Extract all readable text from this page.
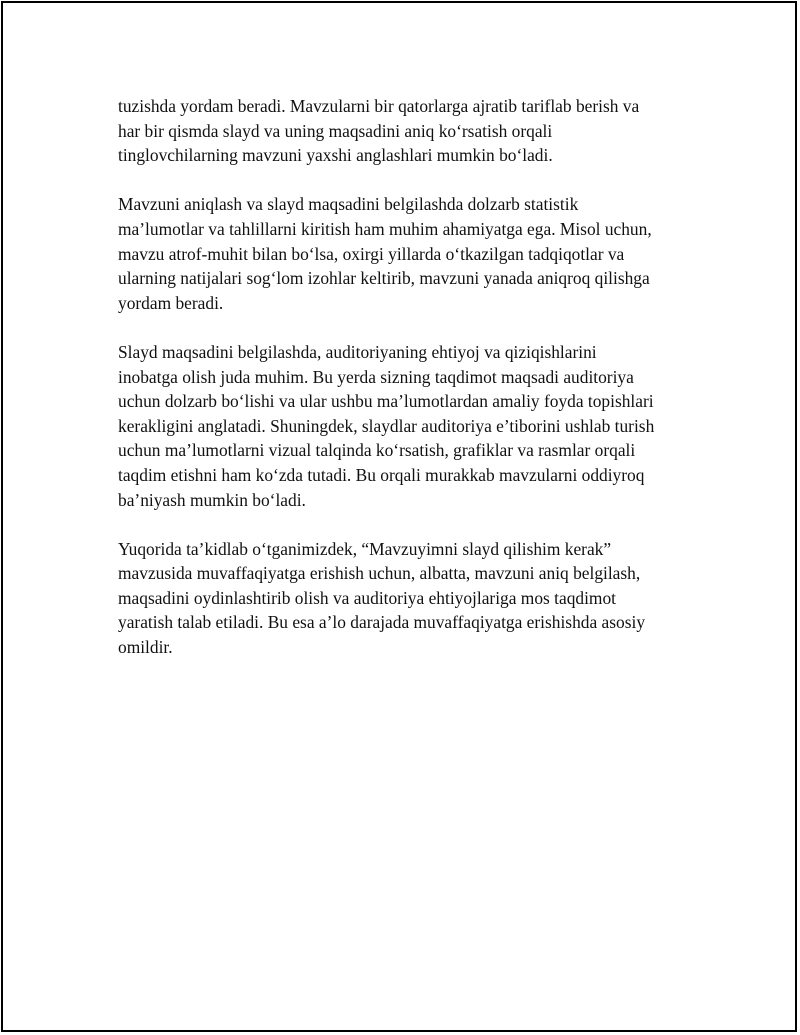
tuzishda yordam beradi. Mavzularni bir qatorlarga ajratib tariflab berish va
har bir qismda slayd va uning maqsadini aniq ko‘rsatish orqali
tinglovchilarning mavzuni yaxshi anglashlari mumkin bo‘ladi.

Mavzuni aniqlash va slayd maqsadini belgilashda dolzarb statistik
ma’lumotlar va tahlillarni kiritish ham muhim ahamiyatga ega. Misol uchun,
mavzu atrof-muhit bilan bo‘lsa, oxirgi yillarda o‘tkazilgan tadqiqotlar va
ularning natijalari sog‘lom izohlar keltirib, mavzuni yanada aniqroq qilishga
yordam beradi.

Slayd maqsadini belgilashda, auditoriyaning ehtiyoj va qiziqishlarini
inobatga olish juda muhim. Bu yerda sizning taqdimot maqsadi auditoriya
uchun dolzarb bo‘lishi va ular ushbu ma’lumotlardan amaliy foyda topishlari
kerakligini anglatadi. Shuningdek, slaydlar auditoriya e’tiborini ushlab turish
uchun ma’lumotlarni vizual talqinda ko‘rsatish, grafiklar va rasmlar orqali
taqdim etishni ham ko‘zda tutadi. Bu orqali murakkab mavzularni oddiyroq
ba’niyash mumkin bo‘ladi.

Yuqorida ta’kidlab o‘tganimizdek, “Mavzuyimni slayd qilishim kerak”
mavzusida muvaffaqiyatga erishish uchun, albatta, mavzuni aniq belgilash,
maqsadini oydinlashtirib olish va auditoriya ehtiyojlariga mos taqdimot
yaratish talab etiladi. Bu esa a’lo darajada muvaffaqiyatga erishishda asosiy
omildir.
